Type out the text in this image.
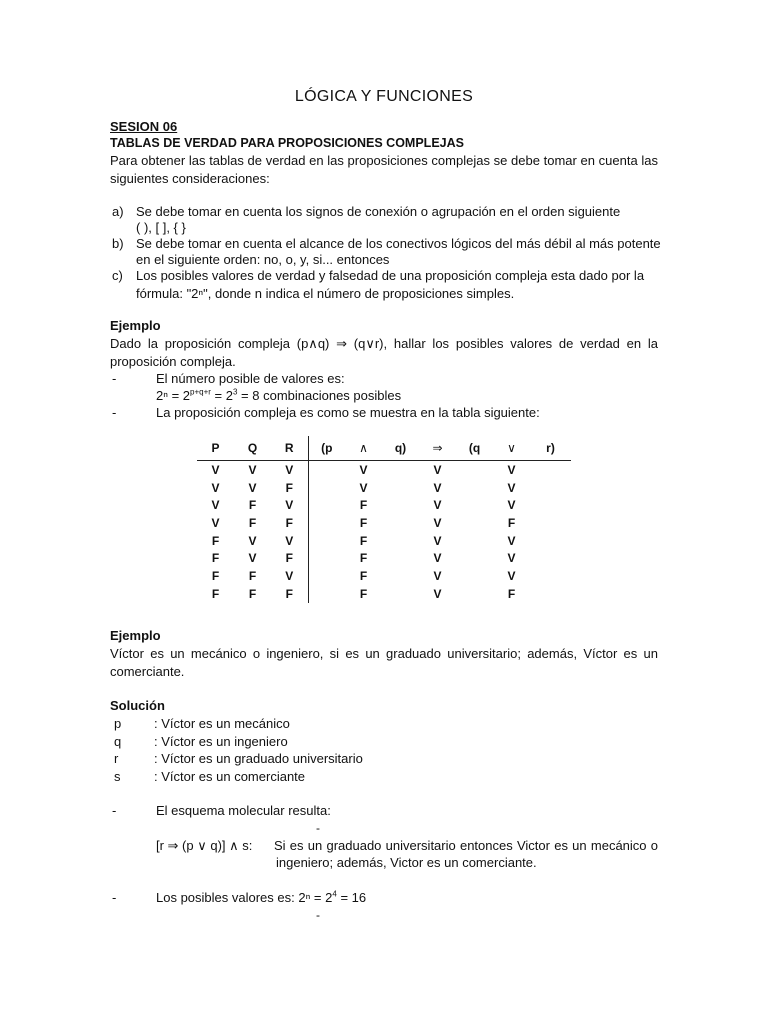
LÓGICA Y FUNCIONES
SESION 06
TABLAS DE VERDAD PARA PROPOSICIONES COMPLEJAS
Para obtener las tablas de verdad en las proposiciones complejas se debe tomar en cuenta las
siguientes consideraciones:
a) Se debe tomar en cuenta los signos de conexión o agrupación en el orden siguiente
( ), [ ], { }
b) Se debe tomar en cuenta el alcance de los conectivos lógicos del más débil al más potente
en el siguiente orden: no, o, y, si... entonces
c) Los posibles valores de verdad y falsedad de una proposición compleja esta dado por la
fórmula: "2ⁿ", donde n indica el número de proposiciones simples.
Ejemplo
Dado la proposición compleja (p∧q) ⇒ (q∨r), hallar los posibles valores de verdad en la
proposición compleja.
-	El número posible de valores es:
$2^n = 2^{p+q+r} = 2^3 = 8$ combinaciones posibles
-	La proposición compleja es como se muestra en la tabla siguiente:
P	Q	R	(p	∧	q)	⇒	(q	∨	r)
V	V	V		V		V		V	
V	V	F		V		V		V	
V	F	V		F		V		V	
V	F	F		F		V		F	
F	V	V		F		V		V	
F	V	F		F		V		V	
F	F	V		F		V		V	
F	F	F		F		V		F	
Ejemplo
Víctor es un mecánico o ingeniero, si es un graduado universitario; además, Víctor es un
comerciante.
Solución
p	: Víctor es un mecánico
q	: Víctor es un ingeniero
r	: Víctor es un graduado universitario
s	: Víctor es un comerciante
-	El esquema molecular resulta:
-
[r ⇒ (p ∨ q)] ∧ s: Si es un graduado universitario entonces Victor es un mecánico o
ingeniero; además, Victor es un comerciante.
-	Los posibles valores es: $2^n = 2^4 = 16$
-
